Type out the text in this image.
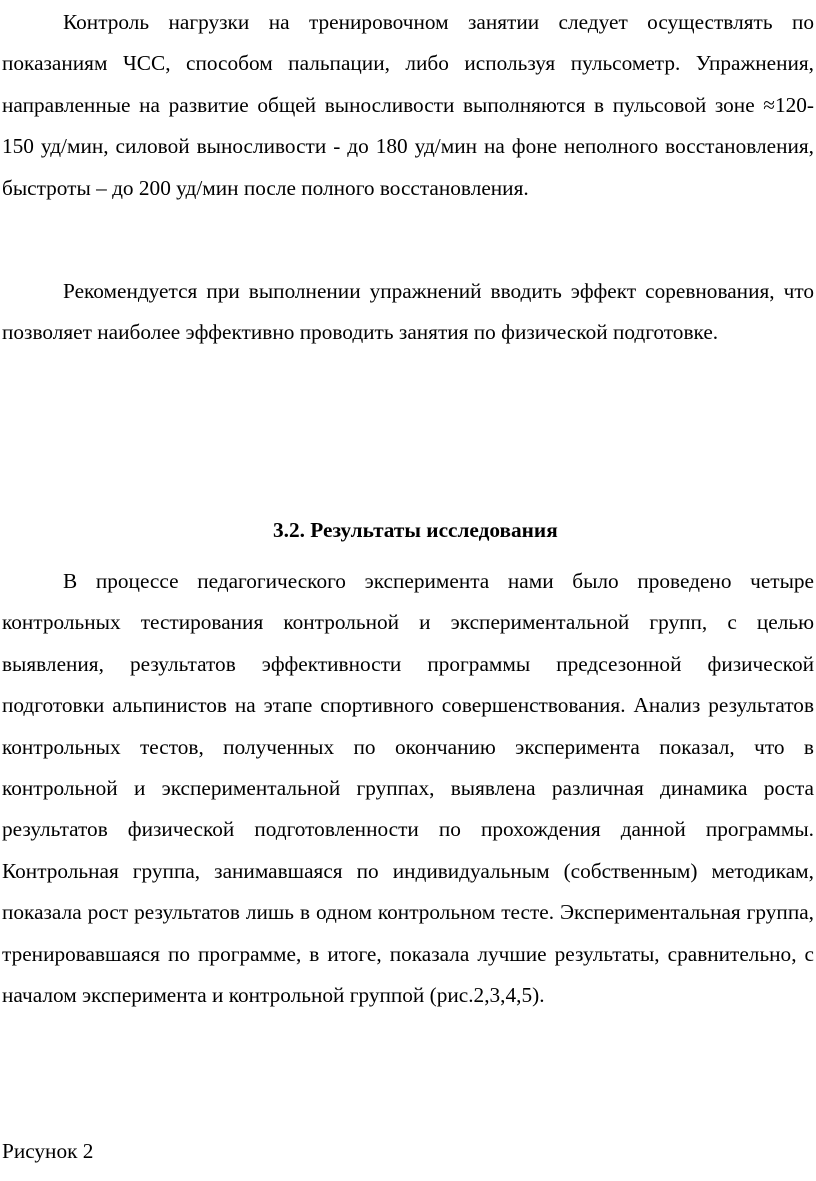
Контроль нагрузки на тренировочном занятии следует осуществлять по показаниям ЧСС, способом пальпации, либо используя пульсометр. Упражнения, направленные на развитие общей выносливости выполняются в пульсовой зоне ≈120-150 уд/мин, силовой выносливости - до 180 уд/мин на фоне неполного восстановления, быстроты – до 200 уд/мин после полного восстановления.

Рекомендуется при выполнении упражнений вводить эффект соревнования, что позволяет наиболее эффективно проводить занятия по физической подготовке.

3.2. Результаты исследования

В процессе педагогического эксперимента нами было проведено четыре контрольных тестирования контрольной и экспериментальной групп, с целью выявления, результатов эффективности программы предсезонной физической подготовки альпинистов на этапе спортивного совершенствования. Анализ результатов контрольных тестов, полученных по окончанию эксперимента показал, что в контрольной и экспериментальной группах, выявлена различная динамика роста результатов физической подготовленности по прохождения данной программы. Контрольная группа, занимавшаяся по индивидуальным (собственным) методикам, показала рост результатов лишь в одном контрольном тесте. Экспериментальная группа, тренировавшаяся по программе, в итоге, показала лучшие результаты, сравнительно, с началом эксперимента и контрольной группой (рис.2,3,4,5).

Рисунок 2
